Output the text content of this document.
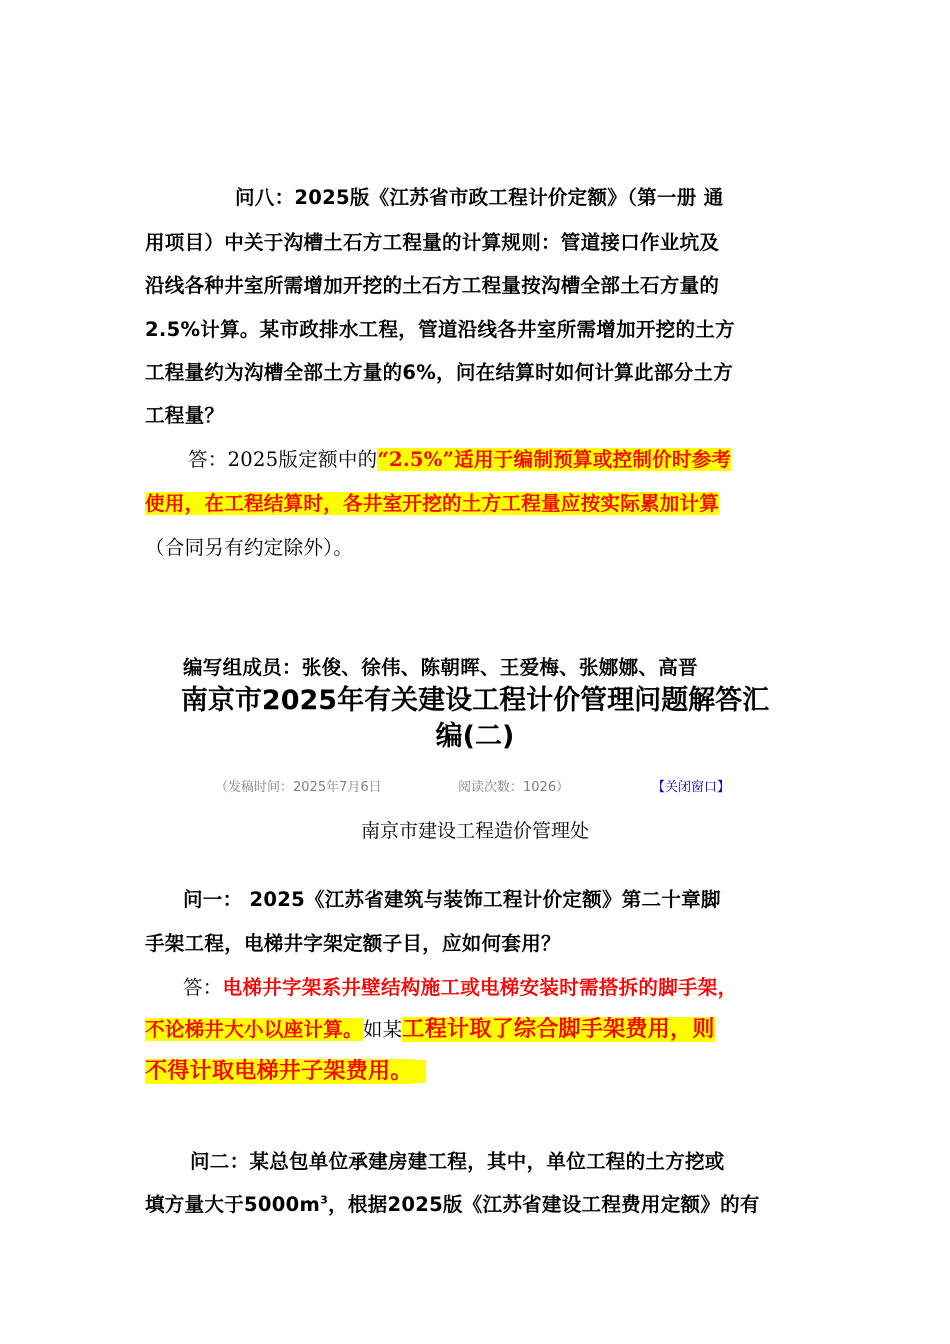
问八：2025版《江苏省市政工程计价定额》（第一册 通
用项目）中关于沟槽土石方工程量的计算规则：管道接口作业坑及
沿线各种井室所需增加开挖的土石方工程量按沟槽全部土石方量的
2.5%计算。某市政排水工程，管道沿线各井室所需增加开挖的土方
工程量约为沟槽全部土方量的6%，问在结算时如何计算此部分土方
工程量？
答：2025版定额中的“2.5%”适用于编制预算或控制价时参考
使用，在工程结算时，各井室开挖的土方工程量应按实际累加计算
（合同另有约定除外）。
编写组成员：张俊、徐伟、陈朝晖、王爱梅、张娜娜、高晋
南京市2025年有关建设工程计价管理问题解答汇
编(二)
（发稿时间：2025年7月6日	阅读次数：1026）	【关闭窗口】
南京市建设工程造价管理处
问一： 2025《江苏省建筑与装饰工程计价定额》第二十章脚
手架工程，电梯井字架定额子目，应如何套用？
答：电梯井字架系井壁结构施工或电梯安装时需搭拆的脚手架，
不论梯井大小以座计算。如某工程计取了综合脚手架费用，则
不得计取电梯井子架费用。
问二：某总包单位承建房建工程，其中，单位工程的土方挖或
填方量大于$5000m^3$，根据2025版《江苏省建设工程费用定额》的有
